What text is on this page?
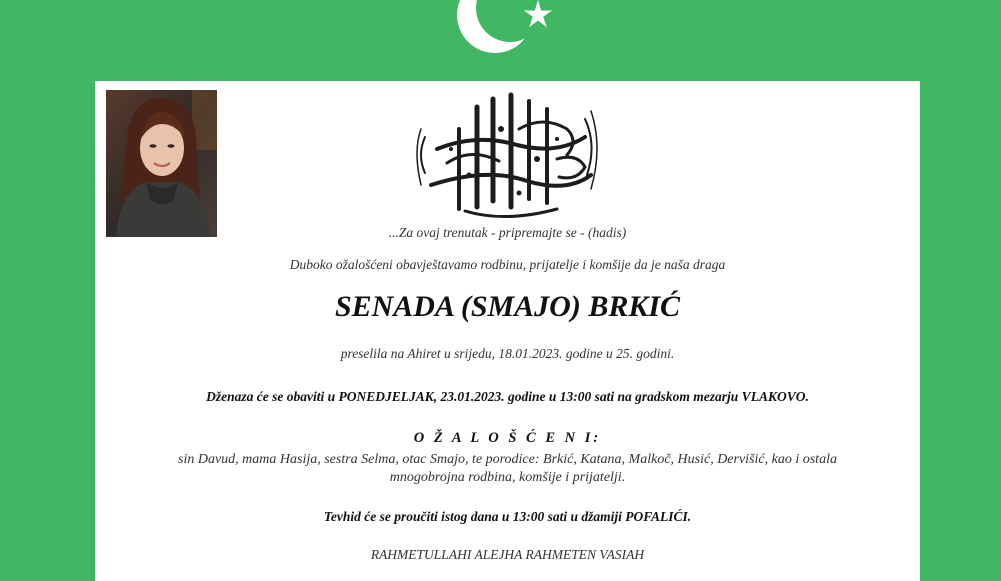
...Za ovaj trenutak - pripremajte se - (hadis)
Duboko ožalošćeni obavještavamo rodbinu, prijatelje i komšije da je naša draga
SENADA (SMAJO) BRKIĆ
preselila na Ahiret u srijedu, 18.01.2023. godine u 25. godini.
Dženaza će se obaviti u PONEDJELJAK, 23.01.2023. godine u 13:00 sati na gradskom mezarju VLAKOVO.
O Ž A L O Š Ć E N I:
sin Davud, mama Hasija, sestra Selma, otac Smajo, te porodice: Brkić, Katana, Malkoč, Husić, Dervišić, kao i ostala
mnogobrojna rodbina, komšije i prijatelji.
Tevhid će se proučiti istog dana u 13:00 sati u džamiji POFALIĆI.
RAHMETULLAHI ALEJHA RAHMETEN VASIAH
